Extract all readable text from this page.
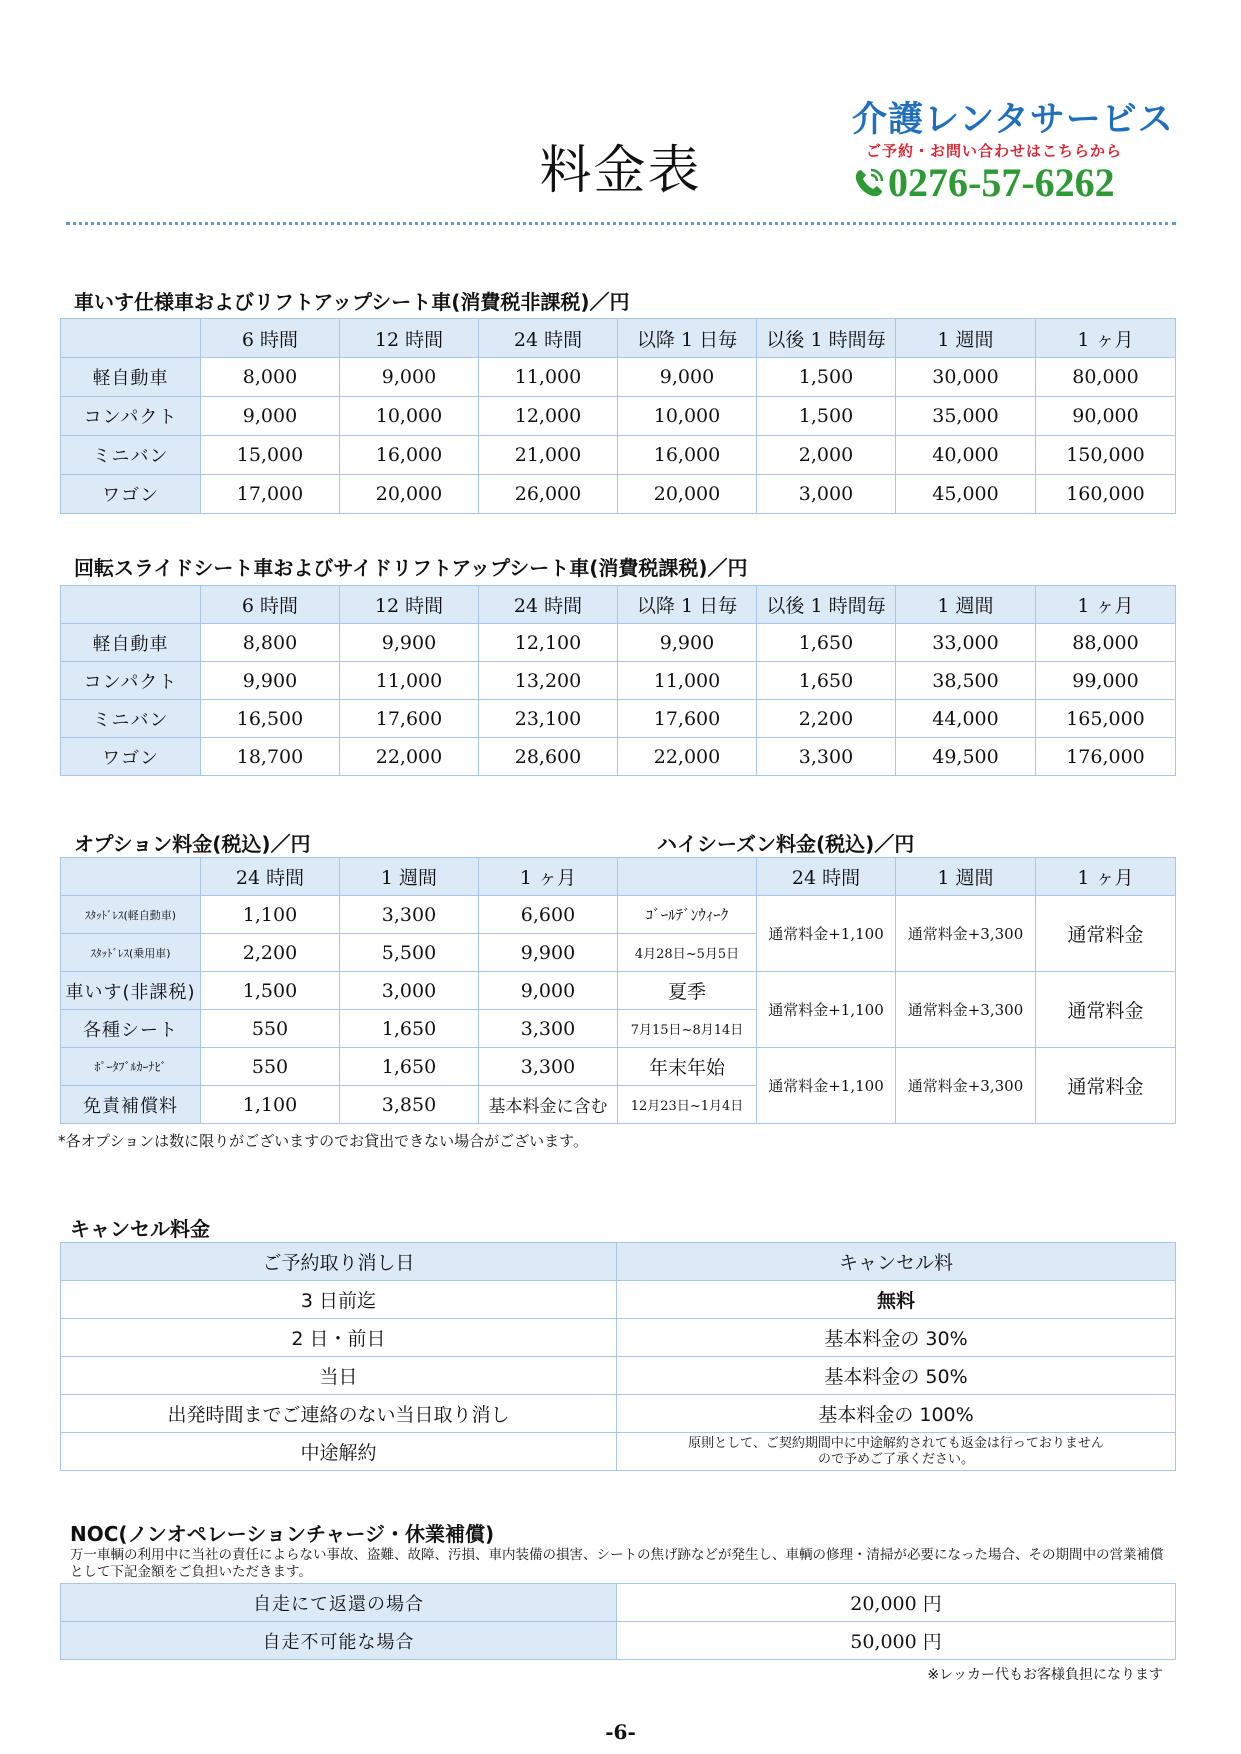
料金表
介護レンタサービス
ご予約・お問い合わせはこちらから
0276-57-6262
車いす仕様車およびリフトアップシート車(消費税非課税)／円
	6 時間	12 時間	24 時間	以降 1 日毎	以後 1 時間毎	1 週間	1 ヶ月
軽自動車	8,000	9,000	11,000	9,000	1,500	30,000	80,000
コンパクト	9,000	10,000	12,000	10,000	1,500	35,000	90,000
ミニバン	15,000	16,000	21,000	16,000	2,000	40,000	150,000
ワゴン	17,000	20,000	26,000	20,000	3,000	45,000	160,000
回転スライドシート車およびサイドリフトアップシート車(消費税課税)／円
	6 時間	12 時間	24 時間	以降 1 日毎	以後 1 時間毎	1 週間	1 ヶ月
軽自動車	8,800	9,900	12,100	9,900	1,650	33,000	88,000
コンパクト	9,900	11,000	13,200	11,000	1,650	38,500	99,000
ミニバン	16,500	17,600	23,100	17,600	2,200	44,000	165,000
ワゴン	18,700	22,000	28,600	22,000	3,300	49,500	176,000
オプション料金(税込)／円	ハイシーズン料金(税込)／円
	24 時間	1 週間	1 ヶ月		24 時間	1 週間	1 ヶ月
ｽﾀｯﾄﾞﾚｽ(軽自動車)	1,100	3,300	6,600	ｺﾞｰﾙﾃﾞﾝｳｨｰｸ	通常料金+1,100	通常料金+3,300	通常料金
ｽﾀｯﾄﾞﾚｽ(乗用車)	2,200	5,500	9,900	4月28日~5月5日			
車いす(非課税)	1,500	3,000	9,000	夏季	通常料金+1,100	通常料金+3,300	通常料金
各種シート	550	1,650	3,300	7月15日~8月14日			
ﾎﾟｰﾀﾌﾞﾙｶｰﾅﾋﾞ	550	1,650	3,300	年末年始	通常料金+1,100	通常料金+3,300	通常料金
免責補償料	1,100	3,850	基本料金に含む	12月23日~1月4日			
*各オプションは数に限りがございますのでお貸出できない場合がございます。
キャンセル料金
ご予約取り消し日	キャンセル料
3 日前迄	無料
2 日・前日	基本料金の 30%
当日	基本料金の 50%
出発時間までご連絡のない当日取り消し	基本料金の 100%
中途解約	原則として、ご契約期間中に中途解約されても返金は行っておりませんので予めご了承ください。
NOC(ノンオペレーションチャージ・休業補償)
万一車輌の利用中に当社の責任によらない事故、盗難、故障、汚損、車内装備の損害、シートの焦げ跡などが発生し、車輌の修理・清掃が必要になった場合、その期間中の営業補償として下記金額をご負担いただきます。
自走にて返還の場合	20,000 円
自走不可能な場合	50,000 円
※レッカー代もお客様負担になります
-6-
